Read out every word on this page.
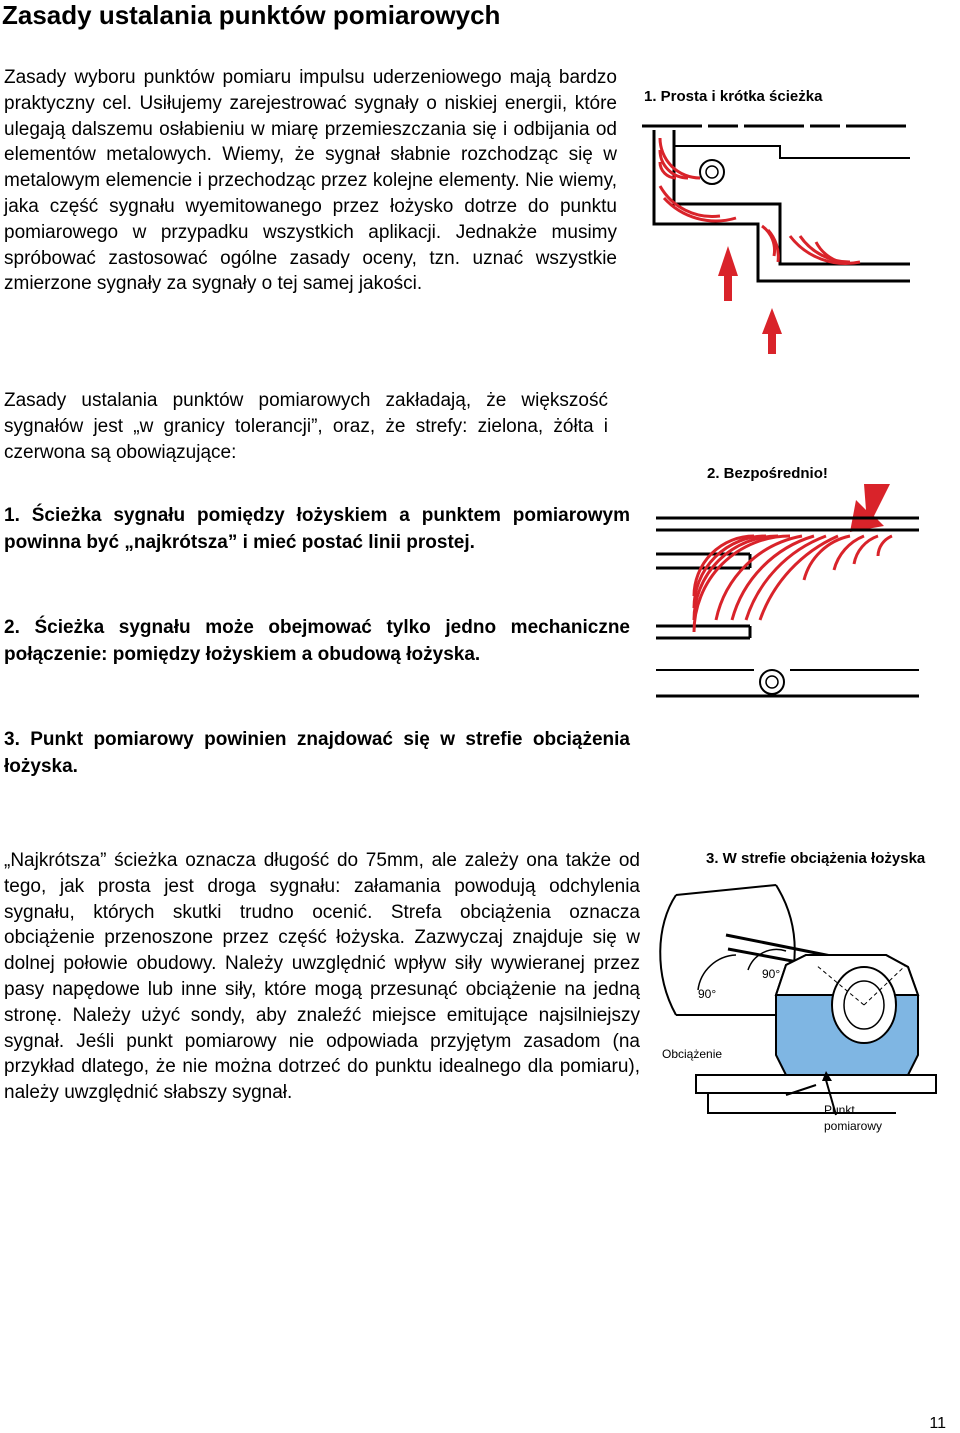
Zasady ustalania punktów pomiarowych

Zasady wyboru punktów pomiaru impulsu uderzeniowego mają bardzo praktyczny cel. Usiłujemy zarejestrować sygnały o niskiej energii, które ulegają dalszemu osłabieniu w miarę przemieszczania się i odbijania od elementów metalowych. Wiemy, że sygnał słabnie rozchodząc się w metalowym elemencie i przechodząc przez kolejne elementy. Nie wiemy, jaka część sygnału wyemitowanego przez łożysko dotrze do punktu pomiarowego w przypadku wszystkich aplikacji. Jednakże musimy spróbować zastosować ogólne zasady oceny, tzn. uznać wszystkie zmierzone sygnały za sygnały o tej samej jakości.

Zasady ustalania punktów pomiarowych zakładają, że większość sygnałów jest „w granicy tolerancji”, oraz, że strefy: zielona, żółta i czerwona są obowiązujące:

1. Ścieżka sygnału pomiędzy łożyskiem a punktem pomiarowym powinna być „najkrótsza” i mieć postać linii prostej.

2. Ścieżka sygnału może obejmować tylko jedno mechaniczne połączenie: pomiędzy łożyskiem a obudową łożyska.

3. Punkt pomiarowy powinien znajdować się w strefie obciążenia łożyska.

„Najkrótsza” ścieżka oznacza długość do 75mm, ale zależy ona także od tego, jak prosta jest droga sygnału: załamania powodują odchylenia sygnału, których skutki trudno ocenić. Strefa obciążenia oznacza obciążenie przenoszone przez część łożyska. Zazwyczaj znajduje się w dolnej połowie obudowy. Należy uwzględnić wpływ siły wywieranej przez pasy napędowe lub inne siły, które mogą przesunąć obciążenie na jedną stronę. Należy użyć sondy, aby znaleźć miejsce emitujące najsilniejszy sygnał. Jeśli punkt pomiarowy nie odpowiada przyjętym zasadom (na przykład dlatego, że nie można dotrzeć do punktu idealnego dla pomiaru), należy uwzględnić słabszy sygnał.

1. Prosta i krótka ścieżka
2. Bezpośrednio!
3. W strefie obciążenia łożyska
90°
90°
Obciążenie
Punkt
pomiarowy
11
